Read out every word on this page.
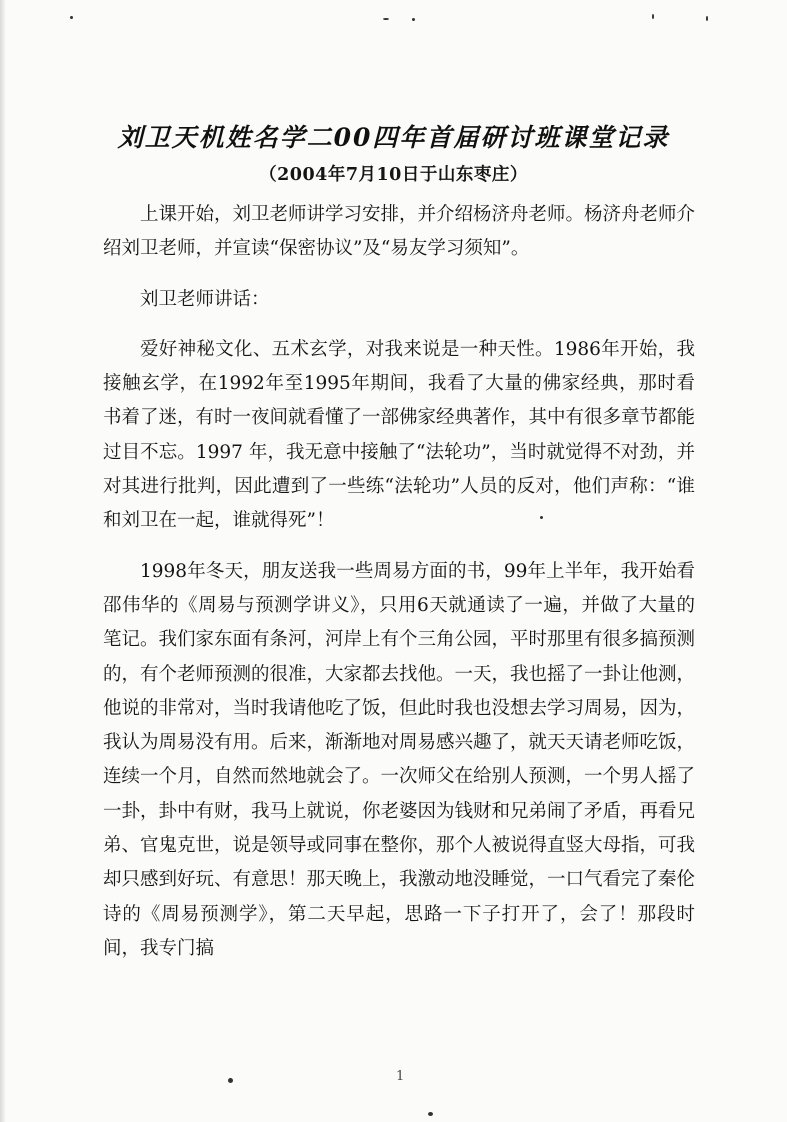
刘卫天机姓名学二00四年首届研讨班课堂记录
（2004年7月10日于山东枣庄）

上课开始，刘卫老师讲学习安排，并介绍杨济舟老师。杨济舟老师介绍刘卫老师，并宣读“保密协议”及“易友学习须知”。

刘卫老师讲话：

爱好神秘文化、五术玄学，对我来说是一种天性。1986年开始，我接触玄学，在1992年至1995年期间，我看了大量的佛家经典，那时看书着了迷，有时一夜间就看懂了一部佛家经典著作，其中有很多章节都能过目不忘。1997 年，我无意中接触了“法轮功”，当时就觉得不对劲，并对其进行批判，因此遭到了一些练“法轮功”人员的反对，他们声称：“谁和刘卫在一起，谁就得死”！

1998年冬天，朋友送我一些周易方面的书，99年上半年，我开始看邵伟华的《周易与预测学讲义》，只用6天就通读了一遍，并做了大量的笔记。我们家东面有条河，河岸上有个三角公园，平时那里有很多搞预测的，有个老师预测的很准，大家都去找他。一天，我也摇了一卦让他测，他说的非常对，当时我请他吃了饭，但此时我也没想去学习周易，因为，我认为周易没有用。后来，渐渐地对周易感兴趣了，就天天请老师吃饭，连续一个月，自然而然地就会了。一次师父在给别人预测，一个男人摇了一卦，卦中有财，我马上就说，你老婆因为钱财和兄弟闹了矛盾，再看兄弟、官鬼克世，说是领导或同事在整你，那个人被说得直竖大母指，可我却只感到好玩、有意思！那天晚上，我激动地没睡觉，一口气看完了秦伦诗的《周易预测学》，第二天早起，思路一下子打开了，会了！那段时间，我专门搞

1
